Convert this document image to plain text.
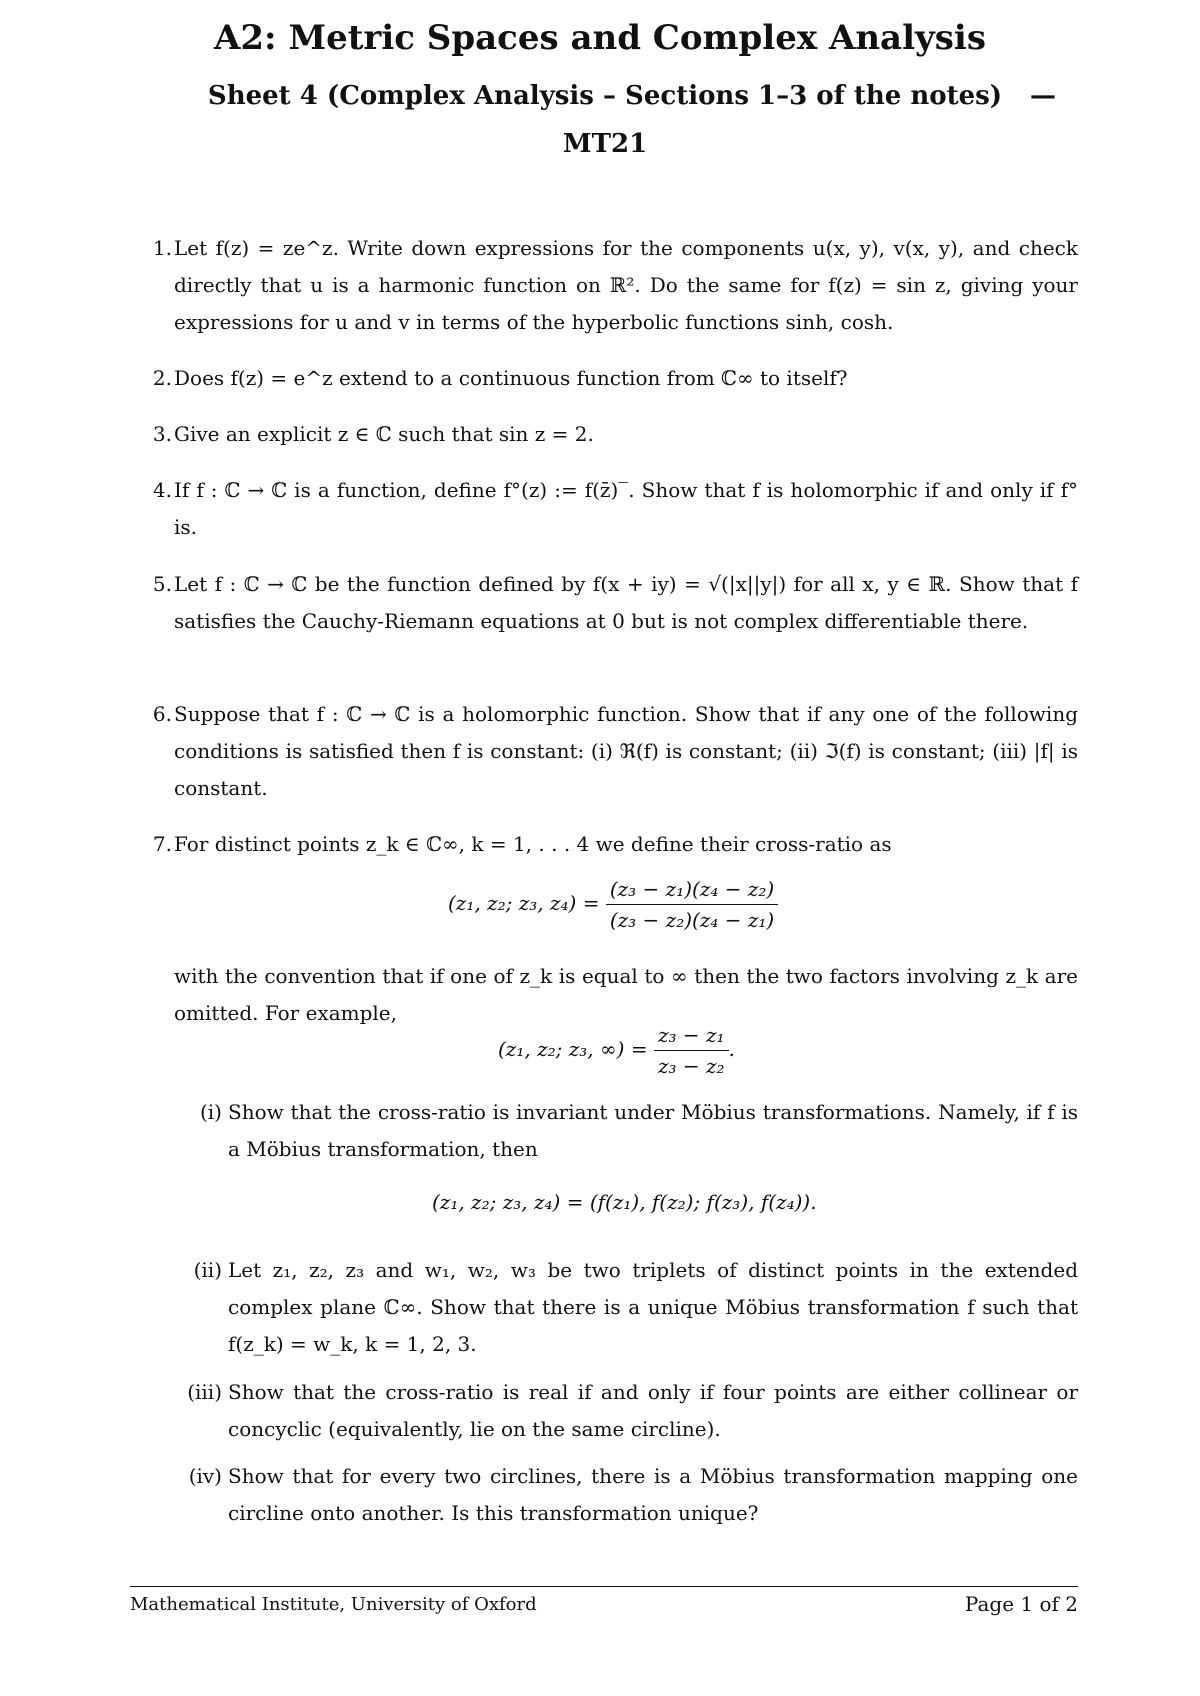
A2: Metric Spaces and Complex Analysis
Sheet 4 (Complex Analysis – Sections 1–3 of the notes) —

MT21
1. Let f(z) = ze^z. Write down expressions for the components u(x, y), v(x, y), and check directly that u is a harmonic function on ℝ². Do the same for f(z) = sin z, giving your expressions for u and v in terms of the hyperbolic functions sinh, cosh.
2. Does f(z) = e^z extend to a continuous function from ℂ∞ to itself?
3. Give an explicit z ∈ ℂ such that sin z = 2.
4. If f : ℂ → ℂ is a function, define f°(z) := f(z̄)‾. Show that f is holomorphic if and only if f° is.
5. Let f : ℂ → ℂ be the function defined by f(x + iy) = √(|x||y|) for all x, y ∈ ℝ. Show that f satisfies the Cauchy-Riemann equations at 0 but is not complex differentiable there.
6. Suppose that f : ℂ → ℂ is a holomorphic function. Show that if any one of the following conditions is satisfied then f is constant: (i) ℜ(f) is constant; (ii) ℑ(f) is constant; (iii) |f| is constant.
7. For distinct points z_k ∈ ℂ∞, k = 1, . . . 4 we define their cross-ratio as
(z₁, z₂; z₃, $z_4) = \frac{\text{(z₃ − z₁)(z₄ − z₂)}}{\text{(z₃ − z₂)(z₄ − z₁)}}$
with the convention that if one of z_k is equal to ∞ then the two factors involving z_k are omitted. For example,
(z₁, z₂; z₃, ∞) = $\frac{\text{z₃ − z₁}}{\text{z₃ − z₂}}$ .
(i) Show that the cross-ratio is invariant under Möbius transformations. Namely, if f is a Möbius transformation, then
(z₁, z₂; z₃, z₄) = (f(z₁), f(z₂); f(z₃), f(z₄)).
(ii) Let z₁, z₂, z₃ and w₁, w₂, w₃ be two triplets of distinct points in the extended complex plane ℂ∞. Show that there is a unique Möbius transformation f such that f(z_k) = w_k, k = 1, 2, 3.
(iii) Show that the cross-ratio is real if and only if four points are either collinear or concyclic (equivalently, lie on the same circline).
(iv) Show that for every two circlines, there is a Möbius transformation mapping one circline onto another. Is this transformation unique?
Mathematical Institute, University of Oxford	Page 1 of 2
